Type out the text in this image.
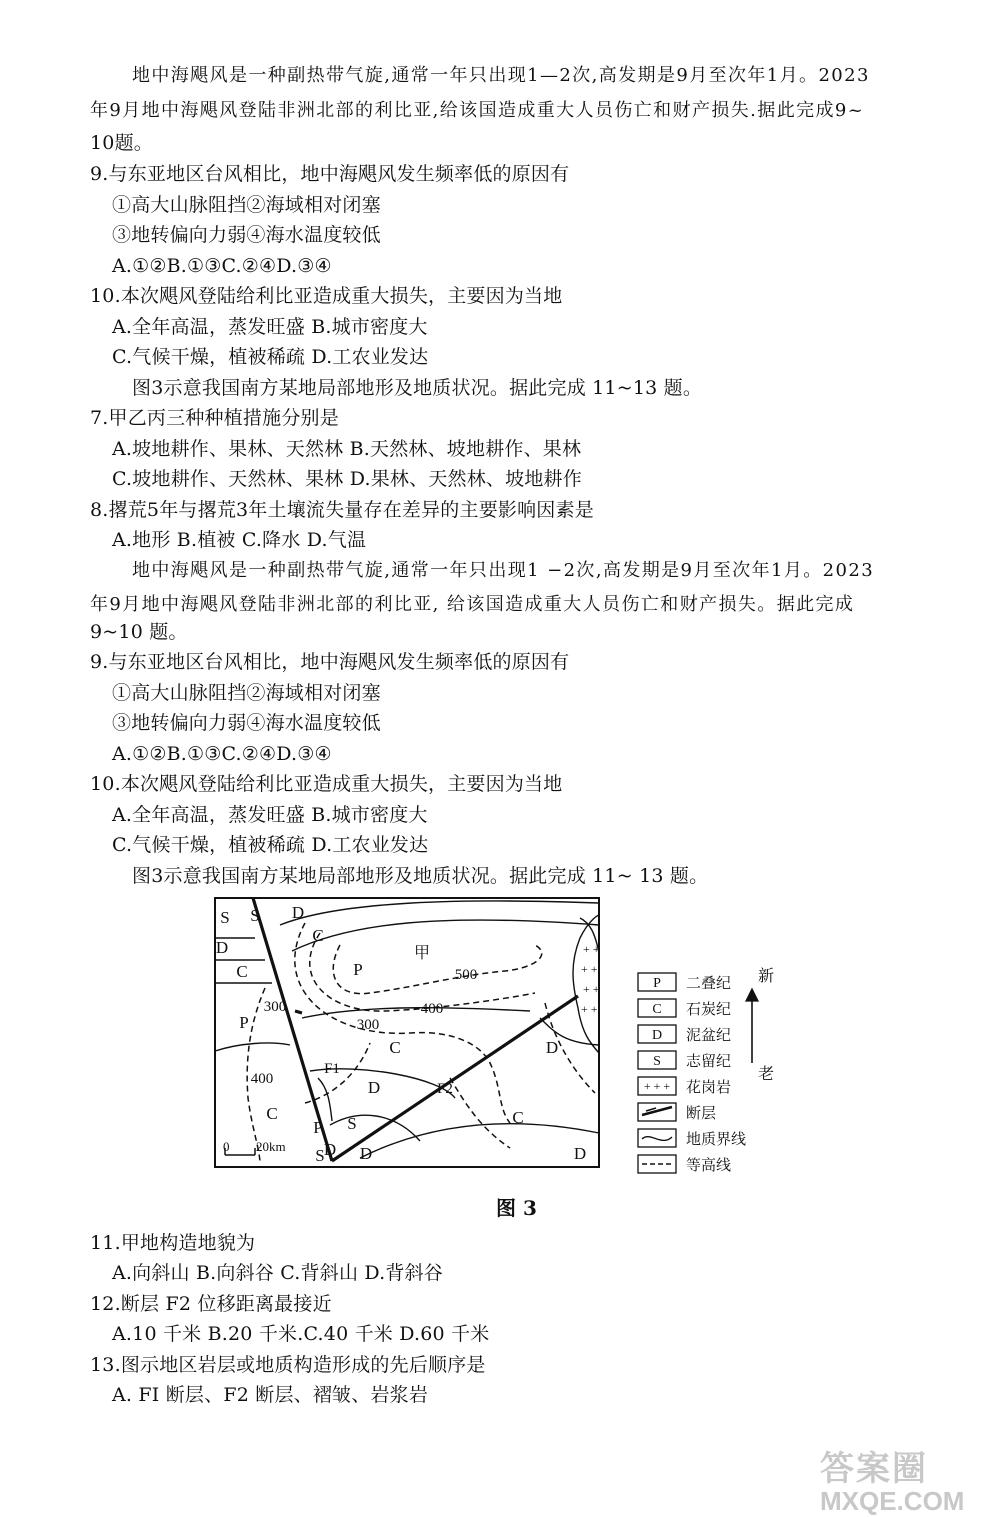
地中海飓风是一种副热带气旋,通常一年只出现1—2次,高发期是9月至次年1月。2023
年9月地中海飓风登陆非洲北部的利比亚,给该国造成重大人员伤亡和财产损失.据此完成9~
10题。
9.与东亚地区台风相比，地中海飓风发生频率低的原因有
①高大山脉阻挡②海域相对闭塞
③地转偏向力弱④海水温度较低
A.①②B.①③C.②④D.③④
10.本次飓风登陆给利比亚造成重大损失，主要因为当地
A.全年高温，蒸发旺盛 B.城市密度大
C.气候干燥，植被稀疏 D.工农业发达
图3示意我国南方某地局部地形及地质状况。据此完成 11~13 题。
7.甲乙丙三种种植措施分别是
A.坡地耕作、果林、天然林 B.天然林、坡地耕作、果林
C.坡地耕作、天然林、果林 D.果林、天然林、坡地耕作
8.撂荒5年与撂荒3年土壤流失量存在差异的主要影响因素是
A.地形 B.植被 C.降水 D.气温
地中海飓风是一种副热带气旋,通常一年只出现1 −2次,高发期是9月至次年1月。2023
年9月地中海飓风登陆非洲北部的利比亚, 给该国造成重大人员伤亡和财产损失。据此完成
9~10 题。
9.与东亚地区台风相比，地中海飓风发生频率低的原因有
①高大山脉阻挡②海域相对闭塞
③地转偏向力弱④海水温度较低
A.①②B.①③C.②④D.③④
10.本次飓风登陆给利比亚造成重大损失，主要因为当地
A.全年高温，蒸发旺盛 B.城市密度大
C.气候干燥，植被稀疏 D.工农业发达
图3示意我国南方某地局部地形及地质状况。据此完成 11~ 13 题。
11.甲地构造地貌为
A.向斜山 B.向斜谷 C.背斜山 D.背斜谷
12.断层 F2 位移距离最接近
A.10 千米 B.20 千米.C.40 千米 D.60 千米
13.图示地区岩层或地质构造形成的先后顺序是
A. FI 断层、F2 断层、褶皱、岩浆岩
+ +
+ +
+ +
+ +
S S D
C
D
C
P
P
C
D
C
P
D
S
D
S D
C
D
甲
F1
F2
500
400
300
300
400
0 20km
P 二叠纪
C 石炭纪
D 泥盆纪
S 志留纪
+ + + 花岗岩
断层
地质界线
等高线
新
老
图 3
答案圈
MXQE.COM
